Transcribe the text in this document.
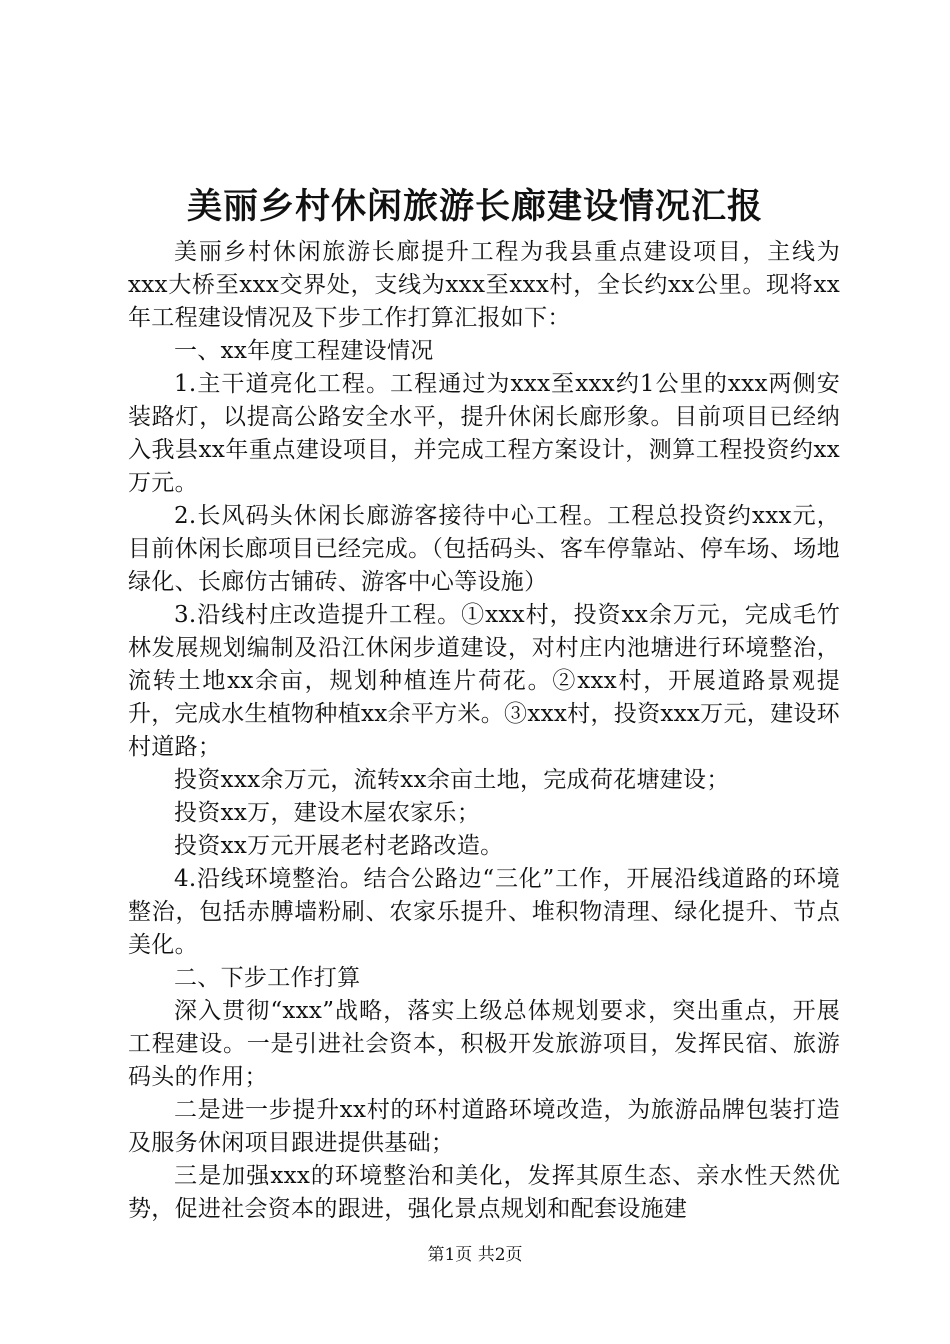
美丽乡村休闲旅游长廊建设情况汇报

美丽乡村休闲旅游长廊提升工程为我县重点建设项目，主线为xxx大桥至xxx交界处，支线为xxx至xxx村，全长约xx公里。现将xx年工程建设情况及下步工作打算汇报如下：

一、xx年度工程建设情况

1.主干道亮化工程。工程通过为xxx至xxx约1公里的xxx两侧安装路灯，以提高公路安全水平，提升休闲长廊形象。目前项目已经纳入我县xx年重点建设项目，并完成工程方案设计，测算工程投资约xx万元。

2.长风码头休闲长廊游客接待中心工程。工程总投资约xxx元，目前休闲长廊项目已经完成。（包括码头、客车停靠站、停车场、场地绿化、长廊仿古铺砖、游客中心等设施）

3.沿线村庄改造提升工程。①xxx村，投资xx余万元，完成毛竹林发展规划编制及沿江休闲步道建设，对村庄内池塘进行环境整治，流转土地xx余亩，规划种植连片荷花。②xxx村，开展道路景观提升，完成水生植物种植xx余平方米。③xxx村，投资xxx万元，建设环村道路；

投资xxx余万元，流转xx余亩土地，完成荷花塘建设；

投资xx万，建设木屋农家乐；

投资xx万元开展老村老路改造。

4.沿线环境整治。结合公路边“三化”工作，开展沿线道路的环境整治，包括赤膊墙粉刷、农家乐提升、堆积物清理、绿化提升、节点美化。

二、下步工作打算

深入贯彻“xxx”战略，落实上级总体规划要求，突出重点，开展工程建设。一是引进社会资本，积极开发旅游项目，发挥民宿、旅游码头的作用；

二是进一步提升xx村的环村道路环境改造，为旅游品牌包装打造及服务休闲项目跟进提供基础；

三是加强xxx的环境整治和美化，发挥其原生态、亲水性天然优势，促进社会资本的跟进，强化景点规划和配套设施建

第1页 共2页
